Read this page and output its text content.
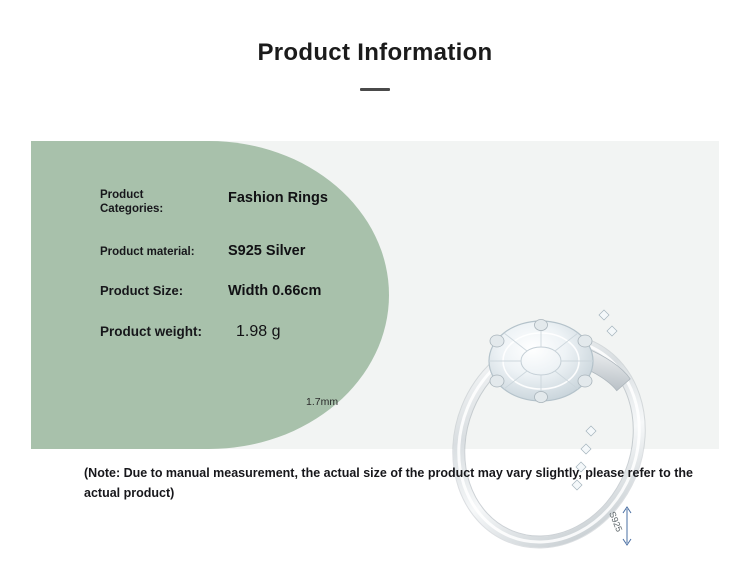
Product Information
S925
1.7mm
Product
Categories:
Fashion Rings
Product material:	S925 Silver
Product Size:	Width 0.66cm
Product weight:	1.98 g
(Note: Due to manual measurement, the actual size of the product may vary slightly, please refer to the actual product)
